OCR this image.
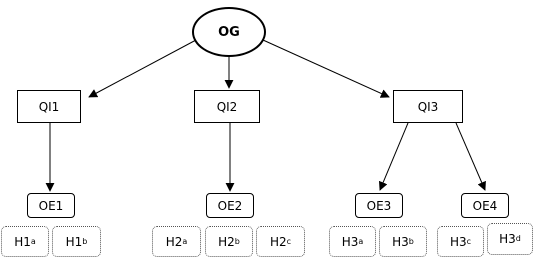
OG
QI1	QI2	QI3
OE1	OE2	OE3	OE4
H1 a H1 b	H2 a	H2 b	H2 c	H3 a H3 b	H3 c H3 d
